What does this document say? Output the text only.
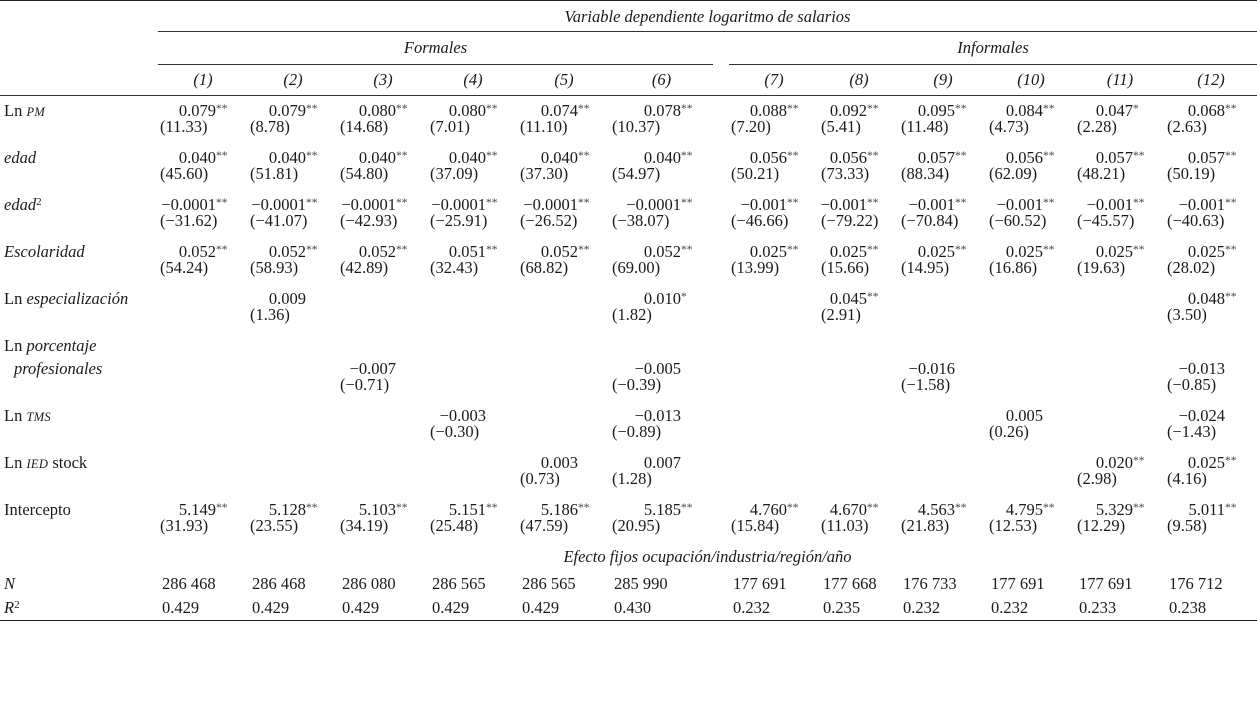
	Variable dependiente logaritmo de salarios												
	Formales							Informales					
	(1)	(2)	(3)	(4)	(5)	(6)		(7)	(8)	(9)	(10)	(11)	(12)
Ln PM	0.079**	0.079**	0.080**	0.080**	0.074**	0.078**		0.088**	0.092**	0.095**	0.084**	0.047*	0.068**
	(11.33)	(8.78)	(14.68)	(7.01)	(11.10)	(10.37)		(7.20)	(5.41)	(11.48)	(4.73)	(2.28)	(2.63)
edad	0.040**	0.040**	0.040**	0.040**	0.040**	0.040**		0.056**	0.056**	0.057**	0.056**	0.057**	0.057**
	(45.60)	(51.81)	(54.80)	(37.09)	(37.30)	(54.97)		(50.21)	(73.33)	(88.34)	(62.09)	(48.21)	(50.19)
edad$^2$	−0.0001**	−0.0001**	−0.0001**	−0.0001**	−0.0001**	−0.0001**		−0.001**	−0.001**	−0.001**	−0.001**	−0.001**	−0.001**
	(−31.62)	(−41.07)	(−42.93)	(−25.91)	(−26.52)	(−38.07)		(−46.66)	(−79.22)	(−70.84)	(−60.52)	(−45.57)	(−40.63)
Escolaridad	0.052**	0.052**	0.052**	0.051**	0.052**	0.052**		0.025**	0.025**	0.025**	0.025**	0.025**	0.025**
	(54.24)	(58.93)	(42.89)	(32.43)	(68.82)	(69.00)		(13.99)	(15.66)	(14.95)	(16.86)	(19.63)	(28.02)
Ln especialización		0.009				0.010*			0.045**				0.048**
		(1.36)				(1.82)			(2.91)				(3.50)
Ln porcentaje													
profesionales			−0.007			−0.005				−0.016			−0.013
			(−0.71)			(−0.39)				(−1.58)			(−0.85)
Ln TMS				−0.003		−0.013					0.005		−0.024
				(−0.30)		(−0.89)					(0.26)		(−1.43)
Ln IED stock					0.003	0.007						0.020**	0.025**
					(0.73)	(1.28)						(2.98)	(4.16)
Intercepto	5.149**	5.128**	5.103**	5.151**	5.186**	5.185**		4.760**	4.670**	4.563**	4.795**	5.329**	5.011**
	(31.93)	(23.55)	(34.19)	(25.48)	(47.59)	(20.95)		(15.84)	(11.03)	(21.83)	(12.53)	(12.29)	(9.58)
	Efecto fijos ocupación/industria/región/año												
N	286 468	286 468	286 080	286 565	286 565	285 990		177 691	177 668	176 733	177 691	177 691	176 712
$R^2$	0.429	0.429	0.429	0.429	0.429	0.430		0.232	0.235	0.232	0.232	0.233	0.238
